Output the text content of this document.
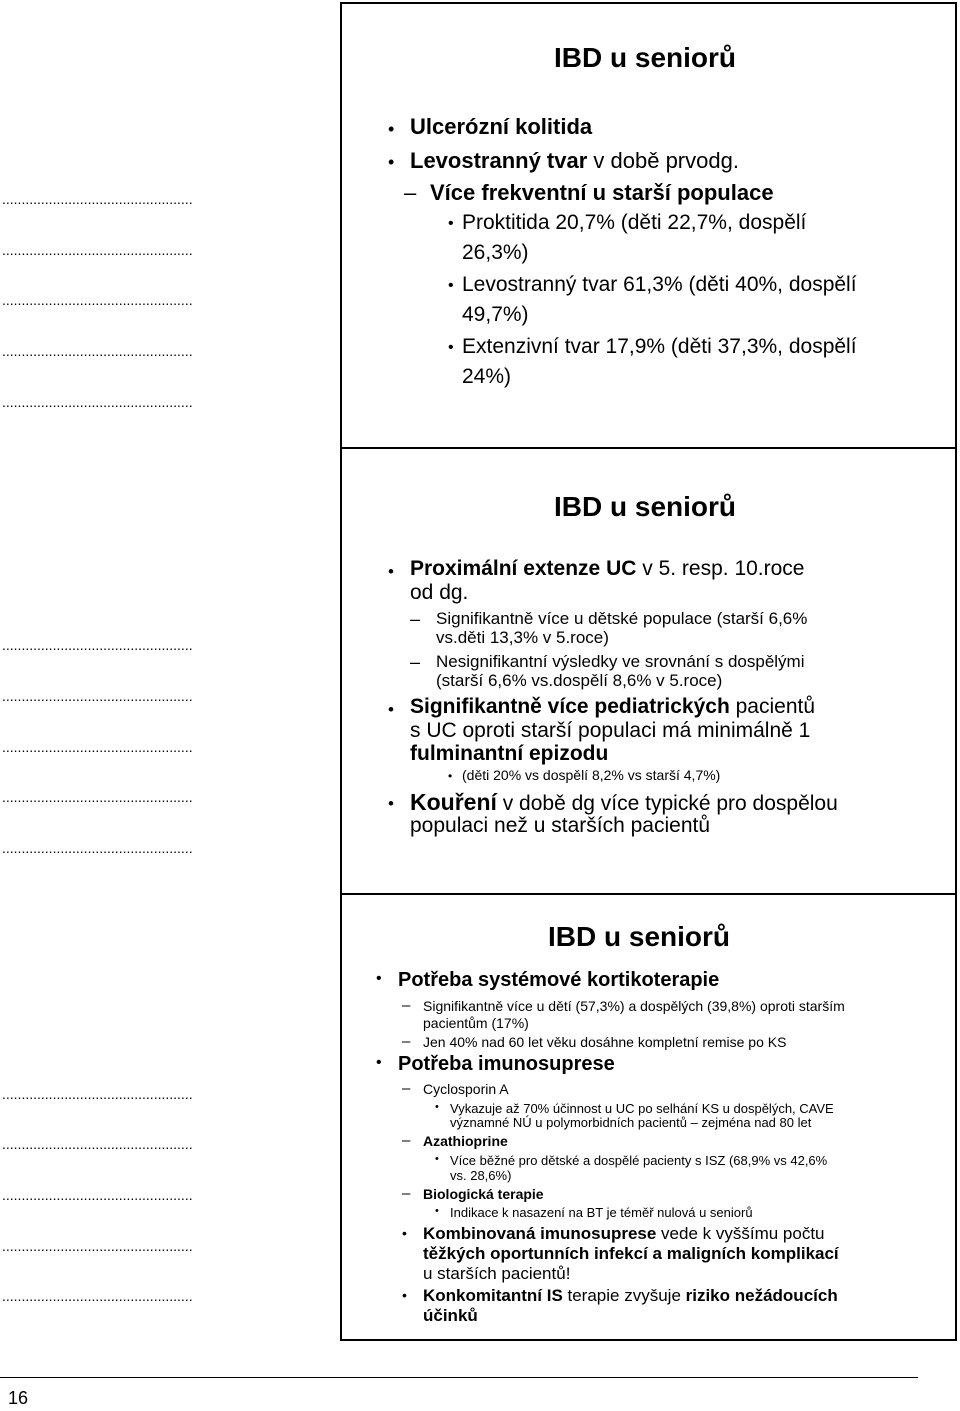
IBD u seniorů
• Ulcerózní kolitida
• Levostranný tvar v době prvodg.
– Více frekventní u starší populace
• Proktitida 20,7% (děti 22,7%, dospělí
26,3%)
• Levostranný tvar 61,3% (děti 40%, dospělí
49,7%)
• Extenzivní tvar 17,9% (děti 37,3%, dospělí
24%)
.................................................
.................................................
.................................................
.................................................
.................................................
IBD u seniorů
• Proximální extenze UC v 5. resp. 10.roce
od dg.
– Signifikantně více u dětské populace (starší 6,6%
vs.děti 13,3% v 5.roce)
– Nesignifikantní výsledky ve srovnání s dospělými
(starší 6,6% vs.dospělí 8,6% v 5.roce)
• Signifikantně více pediatrických pacientů
s UC oproti starší populaci má minimálně 1
fulminantní epizodu
• (děti 20% vs dospělí 8,2% vs starší 4,7%)
• Kouření v době dg více typické pro dospělou
populaci než u starších pacientů
.................................................
.................................................
.................................................
.................................................
.................................................
IBD u seniorů
• Potřeba systémové kortikoterapie
– Signifikantně více u dětí (57,3%) a dospělých (39,8%) oproti starším
pacientům (17%)
– Jen 40% nad 60 let věku dosáhne kompletní remise po KS
• Potřeba imunosuprese
– Cyclosporin A
• Vykazuje až 70% účinnost u UC po selhání KS u dospělých, CAVE
významné NÚ u polymorbidních pacientů – zejména nad 80 let
– Azathioprine
• Více běžné pro dětské a dospělé pacienty s ISZ (68,9% vs 42,6%
vs. 28,6%)
– Biologická terapie
• Indikace k nasazení na BT je téměř nulová u seniorů
• Kombinovaná imunosuprese vede k vyššímu počtu
těžkých oportunních infekcí a maligních komplikací
u starších pacientů!
• Konkomitantní IS terapie zvyšuje riziko nežádoucích
účinků
.................................................
.................................................
.................................................
.................................................
.................................................
16
